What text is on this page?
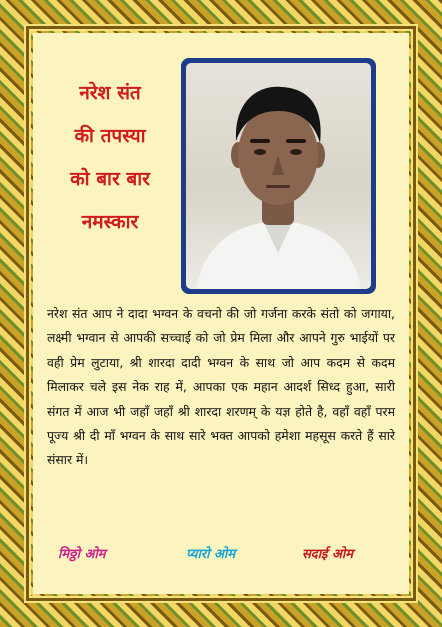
नरेश संत
की तपस्या
को बार बार
नमस्कार
नरेश संत आप ने दादा भग्वन के वचनो की जो गर्जना करके संतो को जगाया, लक्ष्मी भग्वान से आपकी सच्चाई को जो प्रेम मिला और आपने गुरु भाईयों पर वही प्रेम लुटाया, श्री शारदा दादी भग्वन के साथ जो आप कदम से कदम मिलाकर चले इस नेक राह में, आपका एक महान आदर्श सिध्द हुआ, सारी संगत में आज भी जहाँ जहाँ श्री शारदा शरणम् के यज्ञ होते है, वहाँ वहाँ परम पूज्य श्री दी माँ भग्वन के साथ सारे भक्त आपको हमेशा महसूस करते हैं सारे संसार में।
मिठ्ठो ओम	प्यारो ओम	सदाई ओम
